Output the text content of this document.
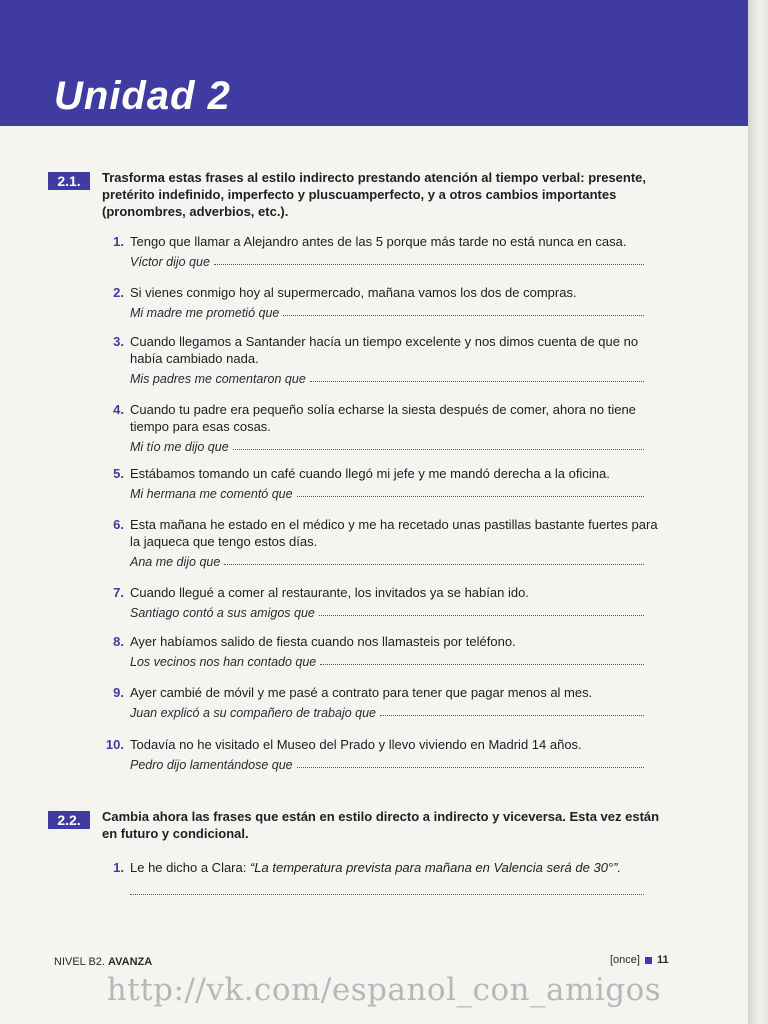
Unidad 2
2.1.	Trasforma estas frases al estilo indirecto prestando atención al tiempo verbal: presente, pretérito indefinido, imperfecto y pluscuamperfecto, y a otros cambios importantes (pronombres, adverbios, etc.).
1. Tengo que llamar a Alejandro antes de las 5 porque más tarde no está nunca en casa.
Víctor dijo que
2. Si vienes conmigo hoy al supermercado, mañana vamos los dos de compras.
Mi madre me prometió que
3. Cuando llegamos a Santander hacía un tiempo excelente y nos dimos cuenta de que no había cambiado nada.
Mis padres me comentaron que
4. Cuando tu padre era pequeño solía echarse la siesta después de comer, ahora no tiene tiempo para esas cosas.
Mi tío me dijo que
5. Estábamos tomando un café cuando llegó mi jefe y me mandó derecha a la oficina.
Mi hermana me comentó que
6. Esta mañana he estado en el médico y me ha recetado unas pastillas bastante fuertes para la jaqueca que tengo estos días.
Ana me dijo que
7. Cuando llegué a comer al restaurante, los invitados ya se habían ido.
Santiago contó a sus amigos que
8. Ayer habíamos salido de fiesta cuando nos llamasteis por teléfono.
Los vecinos nos han contado que
9. Ayer cambié de móvil y me pasé a contrato para tener que pagar menos al mes.
Juan explicó a su compañero de trabajo que
10. Todavía no he visitado el Museo del Prado y llevo viviendo en Madrid 14 años.
Pedro dijo lamentándose que
2.2.	Cambia ahora las frases que están en estilo directo a indirecto y viceversa. Esta vez están en futuro y condicional.
1. Le he dicho a Clara: “La temperatura prevista para mañana en Valencia será de 30°”.
NIVEL B2. AVANZA	[once] 11
http://vk.com/espanol_con_amigos
